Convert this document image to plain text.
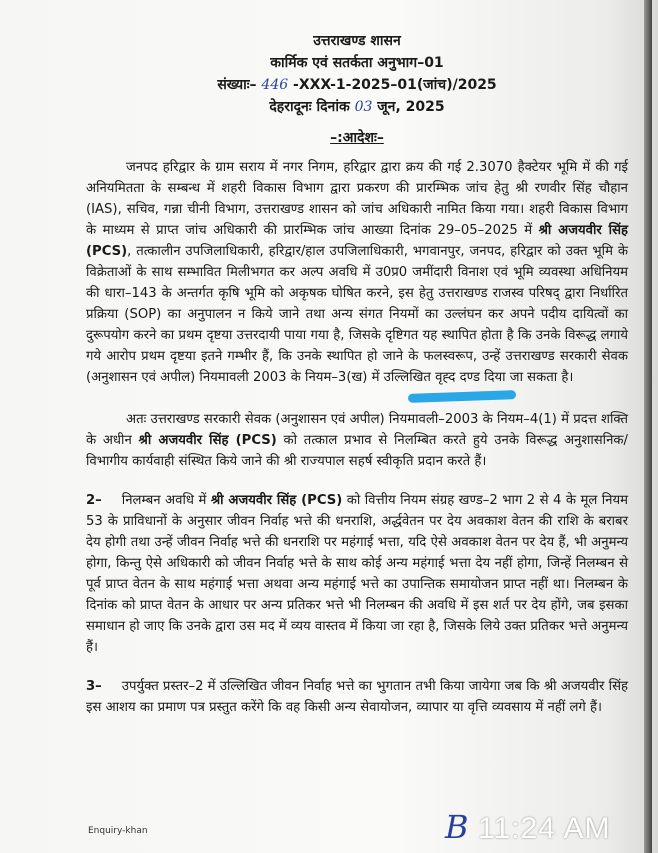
उत्तराखण्ड शासन
कार्मिक एवं सतर्कता अनुभाग–01
संख्याः– 446 -XXX-1-2025–01(जांच)/2025
देहरादूनः दिनांक 03 जून, 2025
–:आदेशः–

जनपद हरिद्वार के ग्राम सराय में नगर निगम, हरिद्वार द्वारा क्रय की गई 2.3070 हैक्टेयर भूमि में की गई अनियमितता के सम्बन्ध में शहरी विकास विभाग द्वारा प्रकरण की प्रारम्भिक जांच हेतु श्री रणवीर सिंह चौहान (IAS), सचिव, गन्ना चीनी विभाग, उत्तराखण्ड शासन को जांच अधिकारी नामित किया गया। शहरी विकास विभाग के माध्यम से प्राप्त जांच अधिकारी की प्रारम्भिक जांच आख्या दिनांक 29–05–2025 में श्री अजयवीर सिंह (PCS), तत्कालीन उपजिलाधिकारी, हरिद्वार/हाल उपजिलाधिकारी, भगवानपुर, जनपद, हरिद्वार को उक्त भूमि के विक्रेताओं के साथ सम्भावित मिलीभगत कर अल्प अवधि में उ0प्र0 जमींदारी विनाश एवं भूमि व्यवस्था अधिनियम की धारा–143 के अन्तर्गत कृषि भूमि को अकृषक घोषित करने, इस हेतु उत्तराखण्ड राजस्व परिषद् द्वारा निर्धारित प्रक्रिया (SOP) का अनुपालन न किये जाने तथा अन्य संगत नियमों का उल्लंघन कर अपने पदीय दायित्वों का दुरूपयोग करने का प्रथम दृष्टया उत्तरदायी पाया गया है, जिसके दृष्टिगत यह स्थापित होता है कि उनके विरूद्ध लगाये गये आरोप प्रथम दृष्टया इतने गम्भीर हैं, कि उनके स्थापित हो जाने के फलस्वरूप, उन्हें उत्तराखण्ड सरकारी सेवक (अनुशासन एवं अपील) नियमावली 2003 के नियम–3(ख) में उल्लिखित वृह्द दण्ड दिया जा सकता है।

अतः उत्तराखण्ड सरकारी सेवक (अनुशासन एवं अपील) नियमावली–2003 के नियम–4(1) में प्रदत्त शक्ति के अधीन श्री अजयवीर सिंह (PCS) को तत्काल प्रभाव से निलम्बित करते हुये उनके विरूद्ध अनुशासनिक/विभागीय कार्यवाही संस्थित किये जाने की श्री राज्यपाल सहर्ष स्वीकृति प्रदान करते हैं।

2– निलम्बन अवधि में श्री अजयवीर सिंह (PCS) को वित्तीय नियम संग्रह खण्ड–2 भाग 2 से 4 के मूल नियम 53 के प्राविधानों के अनुसार जीवन निर्वाह भत्ते की धनराशि, अर्द्धवेतन पर देय अवकाश वेतन की राशि के बराबर देय होगी तथा उन्हें जीवन निर्वाह भत्ते की धनराशि पर महंगाई भत्ता, यदि ऐसे अवकाश वेतन पर देय हैं, भी अनुमन्य होगा, किन्तु ऐसे अधिकारी को जीवन निर्वाह भत्ते के साथ कोई अन्य महंगाई भत्ता देय नहीं होगा, जिन्हें निलम्बन से पूर्व प्राप्त वेतन के साथ महंगाई भत्ता अथवा अन्य महंगाई भत्ते का उपान्तिक समायोजन प्राप्त नहीं था। निलम्बन के दिनांक को प्राप्त वेतन के आधार पर अन्य प्रतिकर भत्ते भी निलम्बन की अवधि में इस शर्त पर देय होंगे, जब इसका समाधान हो जाए कि उनके द्वारा उस मद में व्यय वास्तव में किया जा रहा है, जिसके लिये उक्त प्रतिकर भत्ते अनुमन्य हैं।

3– उपर्युक्त प्रस्तर–2 में उल्लिखित जीवन निर्वाह भत्ते का भुगतान तभी किया जायेगा जब कि श्री अजयवीर सिंह इस आशय का प्रमाण पत्र प्रस्तुत करेंगे कि वह किसी अन्य सेवायोजन, व्यापार या वृत्ति व्यवसाय में नहीं लगे हैं।

Enquiry-khan	B 11:24 AM
